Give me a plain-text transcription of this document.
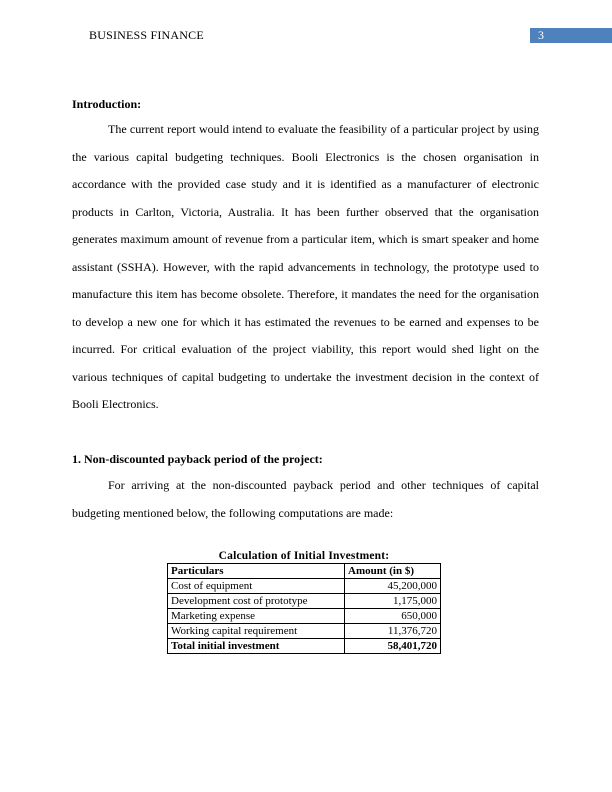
BUSINESS FINANCE	3
Introduction:
The current report would intend to evaluate the feasibility of a particular project by using the various capital budgeting techniques. Booli Electronics is the chosen organisation in accordance with the provided case study and it is identified as a manufacturer of electronic products in Carlton, Victoria, Australia. It has been further observed that the organisation generates maximum amount of revenue from a particular item, which is smart speaker and home assistant (SSHA). However, with the rapid advancements in technology, the prototype used to manufacture this item has become obsolete. Therefore, it mandates the need for the organisation to develop a new one for which it has estimated the revenues to be earned and expenses to be incurred. For critical evaluation of the project viability, this report would shed light on the various techniques of capital budgeting to undertake the investment decision in the context of Booli Electronics.
1. Non-discounted payback period of the project:
For arriving at the non-discounted payback period and other techniques of capital budgeting mentioned below, the following computations are made:
Calculation of Initial Investment:
Particulars	Amount (in $)
Cost of equipment	45,200,000
Development cost of prototype	1,175,000
Marketing expense	650,000
Working capital requirement	11,376,720
Total initial investment	58,401,720
